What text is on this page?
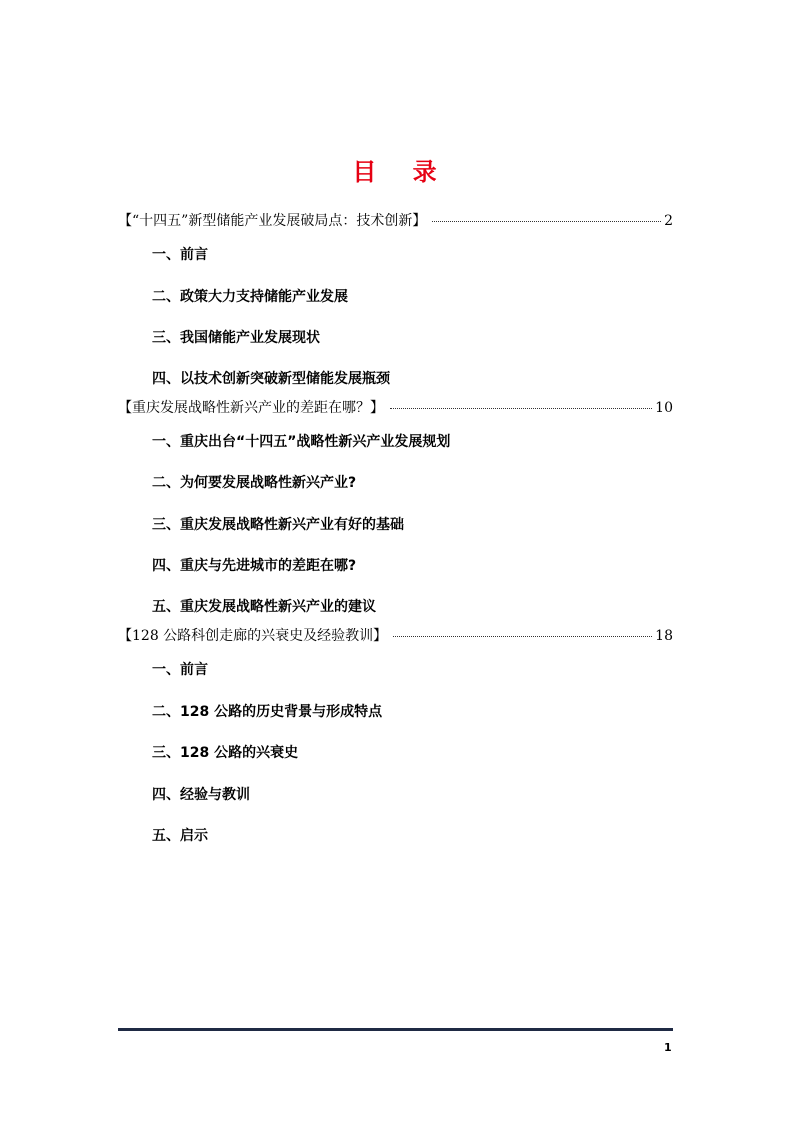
目 录
【“十四五”新型储能产业发展破局点：技术创新】	2
一、前言
二、政策大力支持储能产业发展
三、我国储能产业发展现状
四、以技术创新突破新型储能发展瓶颈
【重庆发展战略性新兴产业的差距在哪？】	10
一、重庆出台“十四五”战略性新兴产业发展规划
二、为何要发展战略性新兴产业?
三、重庆发展战略性新兴产业有好的基础
四、重庆与先进城市的差距在哪?
五、重庆发展战略性新兴产业的建议
【128 公路科创走廊的兴衰史及经验教训】	18
一、前言
二、128 公路的历史背景与形成特点
三、128 公路的兴衰史
四、经验与教训
五、启示
1
